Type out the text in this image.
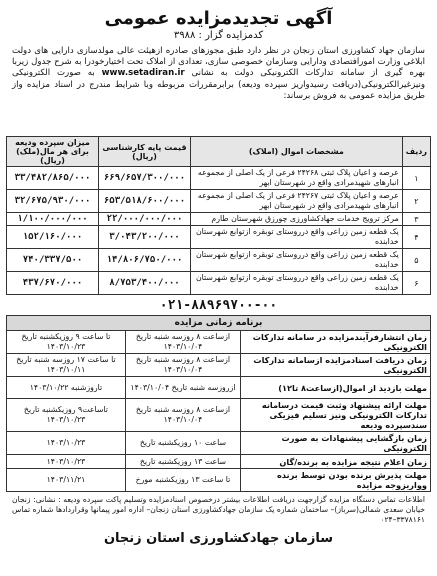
آگهی تجدیدمزایده عمومی
کدمزایده گزار : ۳۹۸۸
سازمان جهاد کشاورزی استان زنجان در نظر دارد طبق مجوزهای صادره ازهیئت عالی مولدسازی دارایی های دولت ابلاغی وزارت امورافتصادی ودارایی وسازمان خصوصی سازی، تعدادی از املاک تحت اختیارخودرا به شرح جدول زیربا بهره گیری از سامانه تدارکات الکترونیکی دولت به نشانی www.setadiran.ir به صورت الکترونیکی ونیزغیرالکترونیکی(دریافت رسیدواریز سپرده ودیعه) برابرمقررات مربوطه وبا شرایط مندرج در اسناد مزایده واز طریق مزایده عمومی به فروش برساند:
ردیف	مشخصات اموال (املاک)	قیمت پایه کارشناسی (ریال)	میزان سپرده ودیعه برای هر مال(ملک)(ریال)
۱	عرصه و اعیان پلاک ثبتی ۲۴۲۶۸ فرعی از یک اصلی از مجموعه انبارهای شهیدمرادی واقع در شهرستان ابهر	۶۶۹/۶۵۷/۳۰۰/۰۰۰	۳۳/۴۸۲/۸۶۵/۰۰۰
۲	عرصه و اعیان پلاک ثبتی ۲۴۲۶۷ فرعی از یک اصلی از مجموعه انبارهای شهیدمرادی واقع در شهرستان ابهر	۶۵۳/۵۱۸/۶۰۰/۰۰۰	۳۲/۶۷۵/۹۳۰/۰۰۰
۳	مرکز ترویج خدمات جهادکشاورزی چورزق شهرستان طارم	۲۲/۰۰۰/۰۰۰/۰۰۰	۱/۱۰۰/۰۰۰/۰۰۰
۴	یک قطعه زمین زراعی واقع درروستای توبقره ازتوابع شهرستان خدابنده	۳/۰۴۳/۲۰۰/۰۰۰	۱۵۲/۱۶۰/۰۰۰
۵	یک قطعه زمین زراعی واقع درروستای توبقره ازتوابع شهرستان خدابنده	۱۴/۸۰۶/۷۵۰/۰۰۰	۷۴۰/۳۳۷/۵۰۰
۶	یک قطعه زمین زراعی واقع درروستای توبقره ازتوابع شهرستان خدابنده	۸/۷۵۳/۴۰۰/۰۰۰	۴۳۷/۶۷۰/۰۰۰
۰۲۱-۸۸۹۶۹۷۰۰-۰۰
برنامه زمانی مزایده		
زمان انتشارفرآیندمزایده در سامانه تدارکات الکترونیکی	ازساعت ۸ روزسه شنبه تاریخ ۱۴۰۳/۱۰/۰۴	تا ساعت ۹ روزیکشنبه تاریخ ۱۴۰۳/۱۰/۲۳
زمان دریافت اسنادمزایده ازسامانه تدارکات الکترونیکی	ازساعت ۸ روزسه شنبه تاریخ ۱۴۰۳/۱۰/۰۴	تا ساعت ۱۷ روزسه شنبه تاریخ ۱۴۰۳/۱۰/۱۱
مهلت بازدید از اموال(ازساعت۸ تا۱۲)	ازروزسه شنبه تاریخ ۱۴۰۳/۱۰/۰۴	تاروزشنبه ۱۴۰۳/۱۰/۲۲
مهلت ارائه پیشنهاد وثبت قیمت درسامانه تدارکات الکترونیکی ونیز تسلیم فیزیکی سندسپرده ودیعه	ازساعت ۸ روزسه شنبه تاریخ ۱۴۰۳/۱۰/۰۴	تاساعت۹ روزیکشنبه تاریخ ۱۴۰۳/۱۰/۲۳
زمان بازگشایی پیشنهادات به صورت الکترونیکی	ساعت ۱۰ روزیکشنبه تاریخ	۱۴۰۳/۱۰/۲۳
زمان اعلام نتیجه مزایده به برنده/گان	ساعت ۱۳ روزیکشنبه تاریخ	۱۴۰۳/۱۰/۲۳
مهلت پذیرش برنده بودن توسط برنده وواریزوجه مزایده	تا ساعت ۱۳ روزیکشنبه مورخ	۱۴۰۳/۱۱/۲۱
اطلاعات تماس دستگاه مزایده گزارجهت دریافت اطلاعات بیشتر درخصوص اسنادمزایده وتسلیم پاکت سپرده ودیعه : نشانی: زنجان خیابان سعدی شمالی(سرباز)– ساختمان شماره یک سازمان جهادکشاورزی استان زنجان– اداره امور پیمانها وقراردادها شماره تماس ۳۳۷۸۱۶۱–۰۲۴
سازمان جهادکشاورزی استان زنجان
